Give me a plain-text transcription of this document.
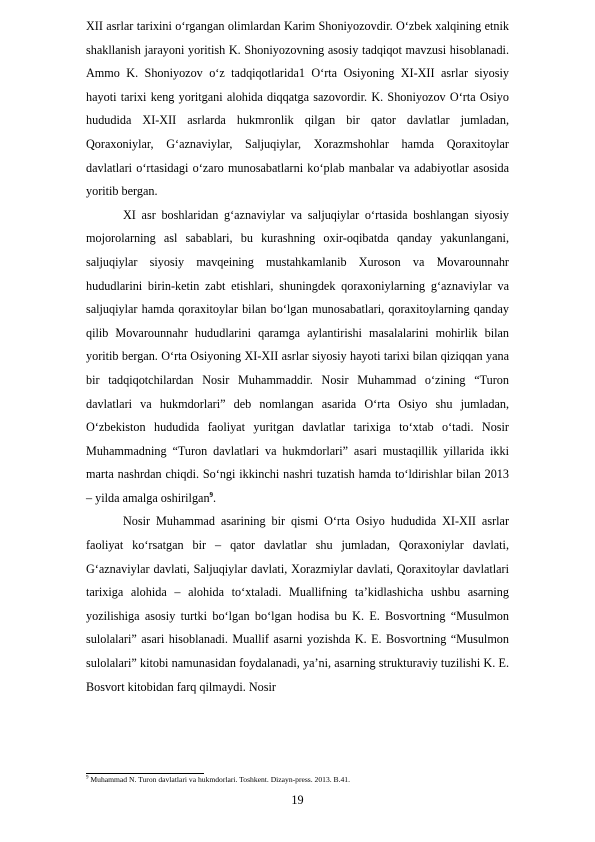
XII asrlar tarixini o‘rgangan olimlardan Karim Shoniyozovdir. O‘zbek xalqining etnik shakllanish jarayoni yoritish K. Shoniyozovning asosiy tadqiqot mavzusi hisoblanadi. Ammo K. Shoniyozov o‘z tadqiqotlarida1 O‘rta Osiyoning XI-XII asrlar siyosiy hayoti tarixi keng yoritgani alohida diqqatga sazovordir. K. Shoniyozov O‘rta Osiyo hududida XI-XII asrlarda hukmronlik qilgan bir qator davlatlar jumladan, Qoraxoniylar, G‘aznaviylar, Saljuqiylar, Xorazmshohlar hamda Qoraxitoylar davlatlari o‘rtasidagi o‘zaro munosabatlarni ko‘plab manbalar va adabiyotlar asosida yoritib bergan.

XI asr boshlaridan g‘aznaviylar va saljuqiylar o‘rtasida boshlangan siyosiy mojorolarning asl sabablari, bu kurashning oxir-oqibatda qanday yakunlangani, saljuqiylar siyosiy mavqeining mustahkamlanib Xuroson va Movarounnahr hududlarini birin-ketin zabt etishlari, shuningdek qoraxoniylarning g‘aznaviylar va saljuqiylar hamda qoraxitoylar bilan bo‘lgan munosabatlari, qoraxitoylarning qanday qilib Movarounnahr hududlarini qaramga aylantirishi masalalarini mohirlik bilan yoritib bergan. O‘rta Osiyoning XI-XII asrlar siyosiy hayoti tarixi bilan qiziqqan yana bir tadqiqotchilardan Nosir Muhammaddir. Nosir Muhammad o‘zining “Turon davlatlari va hukmdorlari” deb nomlangan asarida O‘rta Osiyo shu jumladan, O‘zbekiston hududida faoliyat yuritgan davlatlar tarixiga to‘xtab o‘tadi. Nosir Muhammadning “Turon davlatlari va hukmdorlari” asari mustaqillik yillarida ikki marta nashrdan chiqdi. So‘ngi ikkinchi nashri tuzatish hamda to‘ldirishlar bilan 2013 – yilda amalga oshirilgan$^9$.

Nosir Muhammad asarining bir qismi O‘rta Osiyo hududida XI-XII asrlar faoliyat ko‘rsatgan bir – qator davlatlar shu jumladan, Qoraxoniylar davlati, G‘aznaviylar davlati, Saljuqiylar davlati, Xorazmiylar davlati, Qoraxitoylar davlatlari tarixiga alohida – alohida to‘xtaladi. Muallifning ta’kidlashicha ushbu asarning yozilishiga asosiy turtki bo‘lgan bo‘lgan hodisa bu K. E. Bosvortning “Musulmon sulolalari” asari hisoblanadi. Muallif asarni yozishda K. E. Bosvortning “Musulmon sulolalari” kitobi namunasidan foydalanadi, ya’ni, asarning strukturaviy tuzilishi K. E. Bosvort kitobidan farq qilmaydi. Nosir

$^9$ Muhammad N. Turon davlatlari va hukmdorlari. Toshkent. Dizayn-press. 2013. B.41.
19
